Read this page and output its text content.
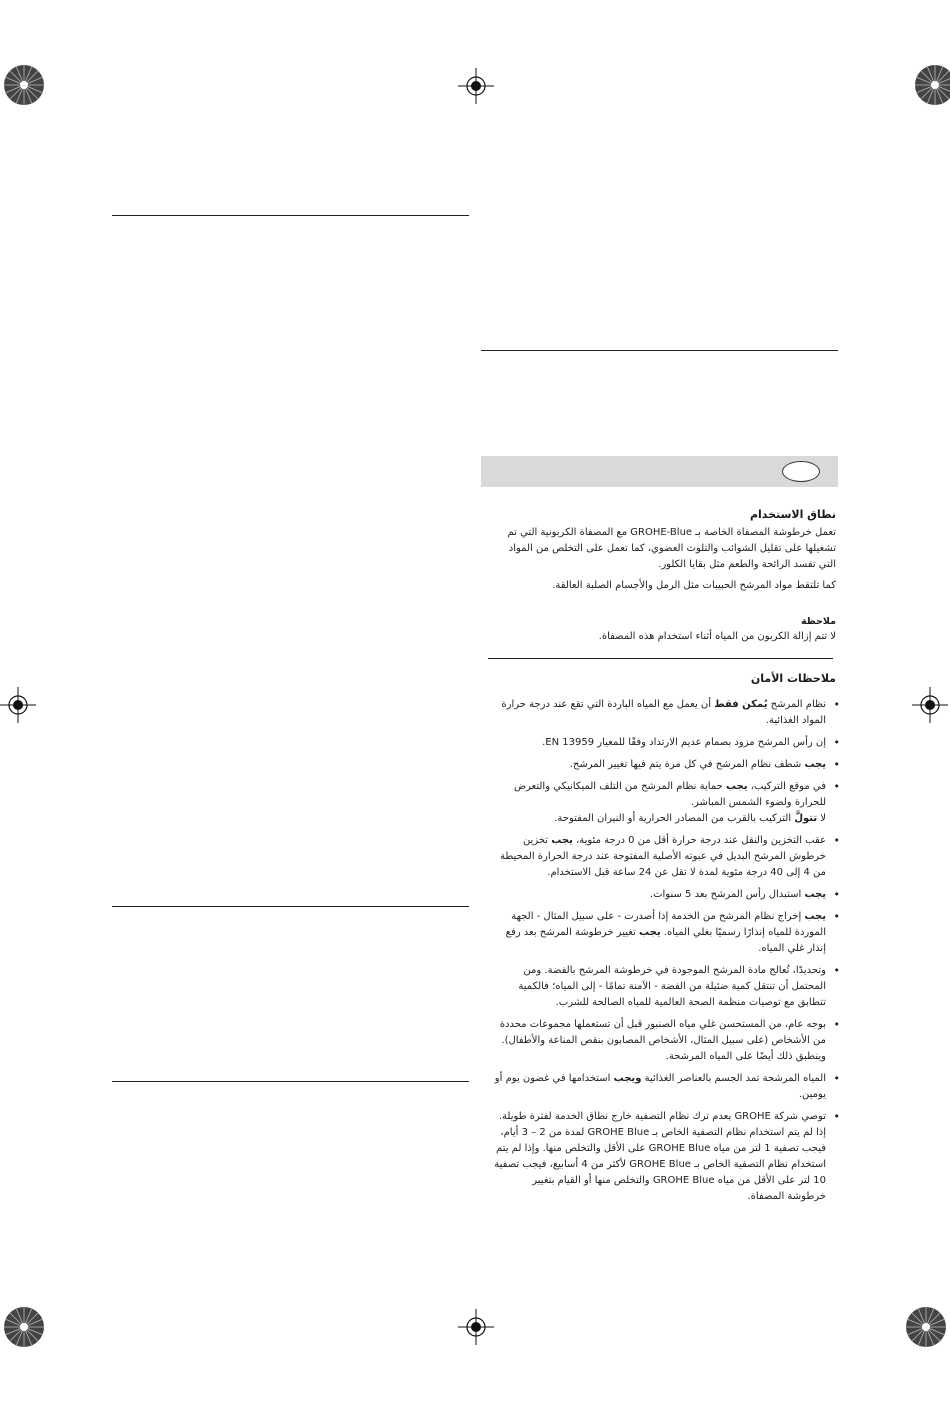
نطاق الاستخدام
تعمل خرطوشة المصفاة الخاصة بـ GROHE-Blue مع المصفاة الكربونية التي تم تشغيلها على تقليل الشوائب والتلوث العضوي، كما تعمل على التخلص من المواد التي تفسد الرائحة والطعم مثل بقايا الكلور.
كما تلتقط مواد المرشح الحبيبات مثل الرمل والأجسام الصلبة العالقة.
ملاحظة
لا تتم إزالة الكربون من المياه أثناء استخدام هذه المصفاة.
ملاحظات الأمان
• نظام المرشح يُمكن فقط أن يعمل مع المياه الباردة التي تقع عند درجة حرارة المواد الغذائية.
• إن رأس المرشح مزود بصمام عديم الارتداد وفقًا للمعيار EN 13959.
• يجب شطف نظام المرشح في كل مرة يتم فيها تغيير المرشح.
• في موقع التركيب، يجب حماية نظام المرشح من التلف الميكانيكي والتعرض للحرارة ولضوء الشمس المباشر.
لا تتولَّ التركيب بالقرب من المصادر الحرارية أو النيران المفتوحة.
• عقب التخزين والنقل عند درجة حرارة أقل من 0 درجة مئوية، يجب تخزين خرطوش المرشح البديل في عبوته الأصلية المفتوحة عند درجة الحرارة المحيطة من 4 إلى 40 درجة مئوية لمدة لا تقل عن 24 ساعة قبل الاستخدام.
• يجب استبدال رأس المرشح بعد 5 سنوات.
• يجب إخراج نظام المرشح من الخدمة إذا أصدرت - على سبيل المثال - الجهة الموردة للمياه إنذارًا رسميًا بغلي المياه. يجب تغيير خرطوشة المرشح بعد رفع إنذار غلي المياه.
• وتحديدًا، تُعالج مادة المرشح الموجودة في خرطوشة المرشح بالفضة. ومن المحتمل أن تنتقل كمية ضئيلة من الفضة - الآمنة تمامًا - إلى المياه؛ فالكمية تتطابق مع توصيات منظمة الصحة العالمية للمياه الصالحة للشرب.
• بوجه عام، من المستحسن غلي مياه الصنبور قبل أن تستعملها مجموعات محددة من الأشخاص (على سبيل المثال، الأشخاص المصابون بنقص المناعة والأطفال). وينطبق ذلك أيضًا على المياه المرشحة.
• المياه المرشحة تمد الجسم بالعناصر الغذائية ويجب استخدامها في غضون يوم أو يومين.
• توصي شركة GROHE بعدم ترك نظام التصفية خارج نطاق الخدمة لفترة طويلة. إذا لم يتم استخدام نظام التصفية الخاص بـ GROHE Blue لمدة من 2 – 3 أيام، فيجب تصفية 1 لتر من مياه GROHE Blue على الأقل والتخلص منها. وإذا لم يتم استخدام نظام التصفية الخاص بـ GROHE Blue لأكثر من 4 أسابيع، فيجب تصفية 10 لتر على الأقل من مياه GROHE Blue والتخلص منها أو القيام بتغيير خرطوشة المصفاة.
